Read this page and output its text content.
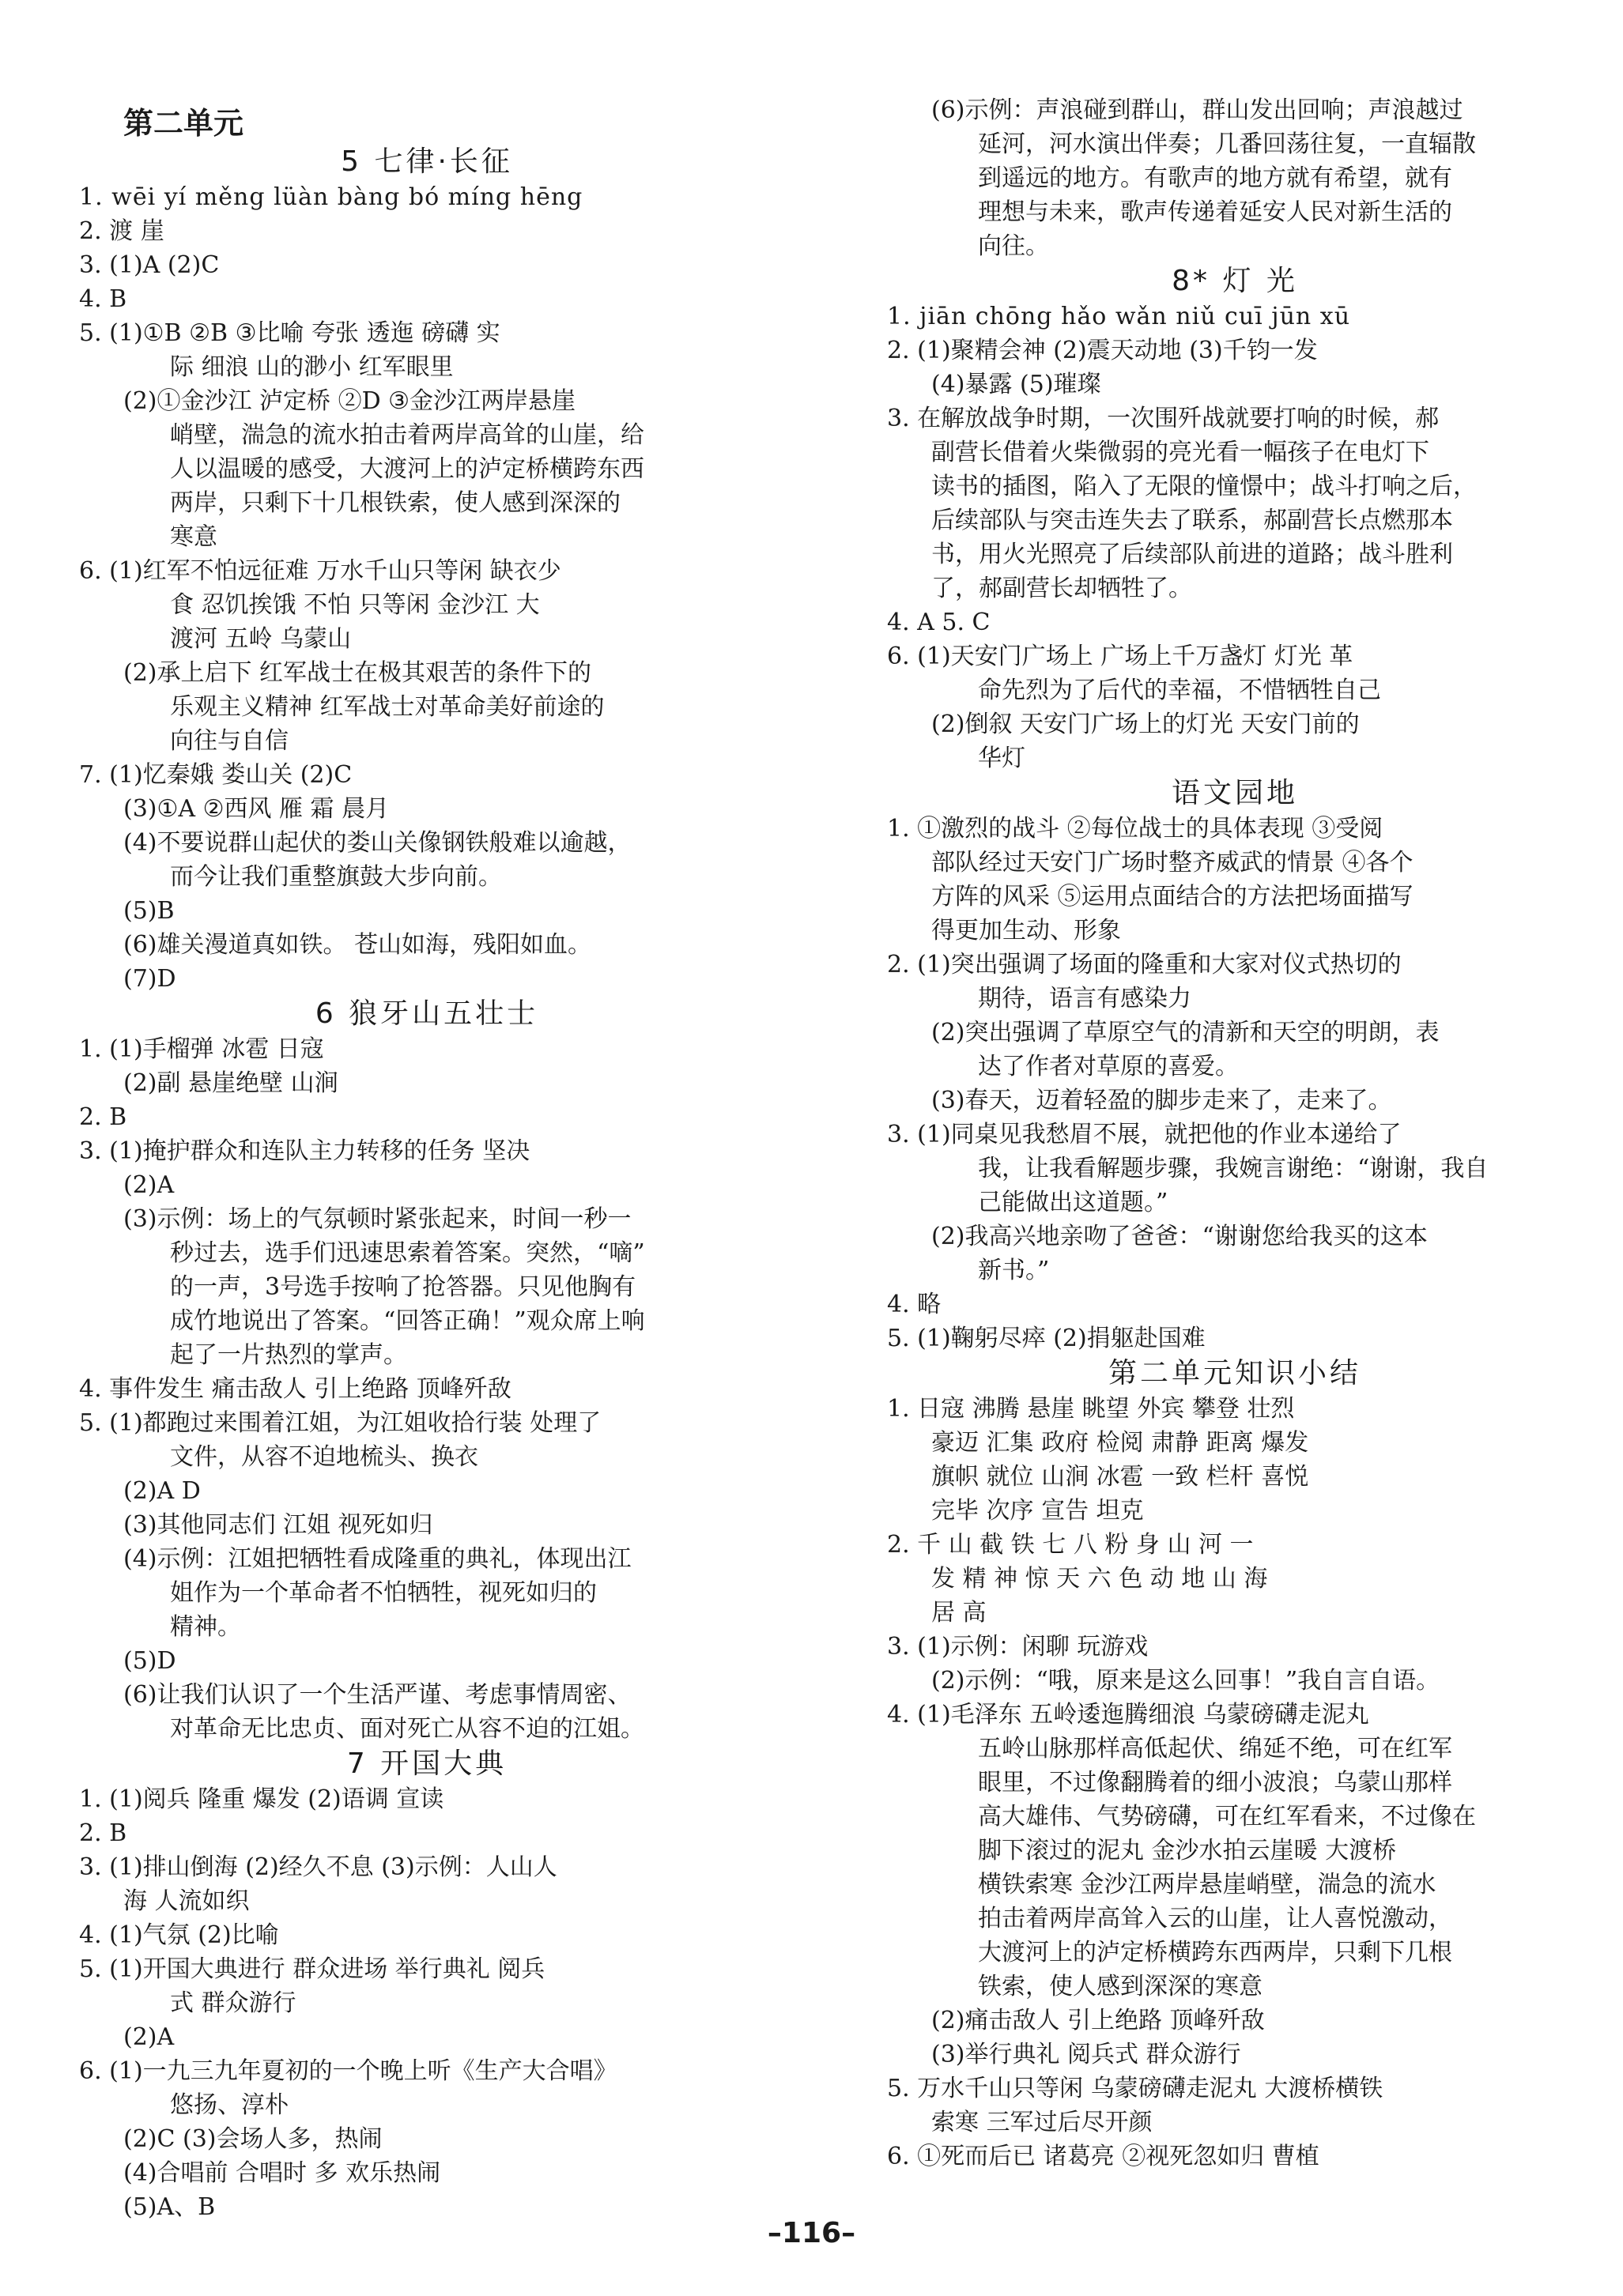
第二单元
5 七律·长征
1. wēi yí měng lüàn bàng bó míng hēng
2. 渡 崖
3. (1)A (2)C
4. B
5. (1)①B ②B ③比喻 夸张 透迤 磅礴 实
际 细浪 山的渺小 红军眼里
(2)①金沙江 泸定桥 ②D ③金沙江两岸悬崖
峭壁，湍急的流水拍击着两岸高耸的山崖，给
人以温暖的感受，大渡河上的泸定桥横跨东西
两岸，只剩下十几根铁索，使人感到深深的
寒意
6. (1)红军不怕远征难 万水千山只等闲 缺衣少
食 忍饥挨饿 不怕 只等闲 金沙江 大
渡河 五岭 乌蒙山
(2)承上启下 红军战士在极其艰苦的条件下的
乐观主义精神 红军战士对革命美好前途的
向往与自信
7. (1)忆秦娥 娄山关 (2)C
(3)①A ②西风 雁 霜 晨月
(4)不要说群山起伏的娄山关像钢铁般难以逾越，
而今让我们重整旗鼓大步向前。
(5)B
(6)雄关漫道真如铁。 苍山如海，残阳如血。
(7)D
6 狼牙山五壮士
1. (1)手榴弹 冰雹 日寇
(2)副 悬崖绝壁 山涧
2. B
3. (1)掩护群众和连队主力转移的任务 坚决
(2)A
(3)示例：场上的气氛顿时紧张起来，时间一秒一
秒过去，选手们迅速思索着答案。突然，“嘀”
的一声，3号选手按响了抢答器。只见他胸有
成竹地说出了答案。“回答正确！”观众席上响
起了一片热烈的掌声。
4. 事件发生 痛击敌人 引上绝路 顶峰歼敌
5. (1)都跑过来围着江姐，为江姐收拾行装 处理了
文件，从容不迫地梳头、换衣
(2)A D
(3)其他同志们 江姐 视死如归
(4)示例：江姐把牺牲看成隆重的典礼，体现出江
姐作为一个革命者不怕牺牲，视死如归的
精神。
(5)D
(6)让我们认识了一个生活严谨、考虑事情周密、
对革命无比忠贞、面对死亡从容不迫的江姐。
7 开国大典
1. (1)阅兵 隆重 爆发 (2)语调 宣读
2. B
3. (1)排山倒海 (2)经久不息 (3)示例：人山人
海 人流如织
4. (1)气氛 (2)比喻
5. (1)开国大典进行 群众进场 举行典礼 阅兵
式 群众游行
(2)A
6. (1)一九三九年夏初的一个晚上听《生产大合唱》
悠扬、淳朴
(2)C (3)会场人多，热闹
(4)合唱前 合唱时 多 欢乐热闹
(5)A、B
(6)示例：声浪碰到群山，群山发出回响；声浪越过
延河，河水演出伴奏；几番回荡往复，一直辐散
到遥远的地方。有歌声的地方就有希望，就有
理想与未来，歌声传递着延安人民对新生活的
向往。
8* 灯 光
1. jiān chōng hǎo wǎn niǔ cuī jūn xū
2. (1)聚精会神 (2)震天动地 (3)千钧一发
(4)暴露 (5)璀璨
3. 在解放战争时期，一次围歼战就要打响的时候，郝
副营长借着火柴微弱的亮光看一幅孩子在电灯下
读书的插图，陷入了无限的憧憬中；战斗打响之后，
后续部队与突击连失去了联系，郝副营长点燃那本
书，用火光照亮了后续部队前进的道路；战斗胜利
了，郝副营长却牺牲了。
4. A 5. C
6. (1)天安门广场上 广场上千万盏灯 灯光 革
命先烈为了后代的幸福，不惜牺牲自己
(2)倒叙 天安门广场上的灯光 天安门前的
华灯
语文园地
1. ①激烈的战斗 ②每位战士的具体表现 ③受阅
部队经过天安门广场时整齐威武的情景 ④各个
方阵的风采 ⑤运用点面结合的方法把场面描写
得更加生动、形象
2. (1)突出强调了场面的隆重和大家对仪式热切的
期待，语言有感染力
(2)突出强调了草原空气的清新和天空的明朗，表
达了作者对草原的喜爱。
(3)春天，迈着轻盈的脚步走来了，走来了。
3. (1)同桌见我愁眉不展，就把他的作业本递给了
我，让我看解题步骤，我婉言谢绝：“谢谢，我自
己能做出这道题。”
(2)我高兴地亲吻了爸爸：“谢谢您给我买的这本
新书。”
4. 略
5. (1)鞠躬尽瘁 (2)捐躯赴国难
第二单元知识小结
1. 日寇 沸腾 悬崖 眺望 外宾 攀登 壮烈
豪迈 汇集 政府 检阅 肃静 距离 爆发
旗帜 就位 山涧 冰雹 一致 栏杆 喜悦
完毕 次序 宣告 坦克
2. 千 山 截 铁 七 八 粉 身 山 河 一
发 精 神 惊 天 六 色 动 地 山 海
居 高
3. (1)示例：闲聊 玩游戏
(2)示例：“哦，原来是这么回事！”我自言自语。
4. (1)毛泽东 五岭逶迤腾细浪 乌蒙磅礴走泥丸
五岭山脉那样高低起伏、绵延不绝，可在红军
眼里，不过像翻腾着的细小波浪；乌蒙山那样
高大雄伟、气势磅礴，可在红军看来，不过像在
脚下滚过的泥丸 金沙水拍云崖暖 大渡桥
横铁索寒 金沙江两岸悬崖峭壁，湍急的流水
拍击着两岸高耸入云的山崖，让人喜悦激动，
大渡河上的泸定桥横跨东西两岸，只剩下几根
铁索，使人感到深深的寒意
(2)痛击敌人 引上绝路 顶峰歼敌
(3)举行典礼 阅兵式 群众游行
5. 万水千山只等闲 乌蒙磅礴走泥丸 大渡桥横铁
索寒 三军过后尽开颜
6. ①死而后已 诸葛亮 ②视死忽如归 曹植
–116–
